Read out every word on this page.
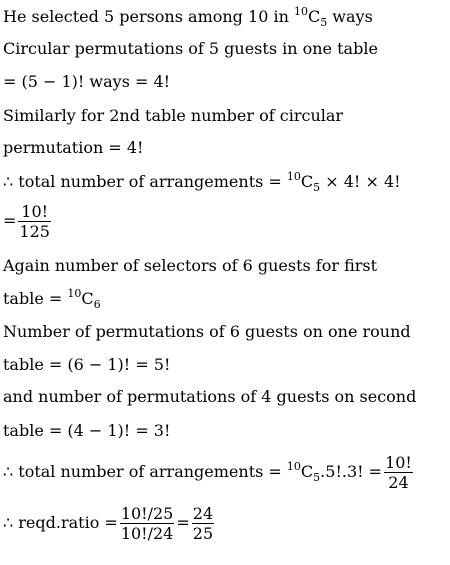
He selected 5 persons among 10 in $^{10}C_5$ ways
Circular permutations of 5 guests in one table
= (5 − 1)! ways = 4!
Similarly for 2nd table number of circular
permutation = 4!
∴ total number of arrangements = $^{10}C_5 \times 4$! × 4!
= $\frac{10!}{125}$
Again number of selectors of 6 guests for first
table = $^{10}C_6$
Number of permutations of 6 guests on one round
table = (6 − 1)! = 5!
and number of permutations of 4 guests on second
table = (4 − 1)! = 3!
∴ total number of arrangements = $^{10}C_5.5!.3$! = $\frac{10!}{24}$
∴ reqd.ratio = $\frac{10!/25}{10!/24} = \frac{24}{25}$
